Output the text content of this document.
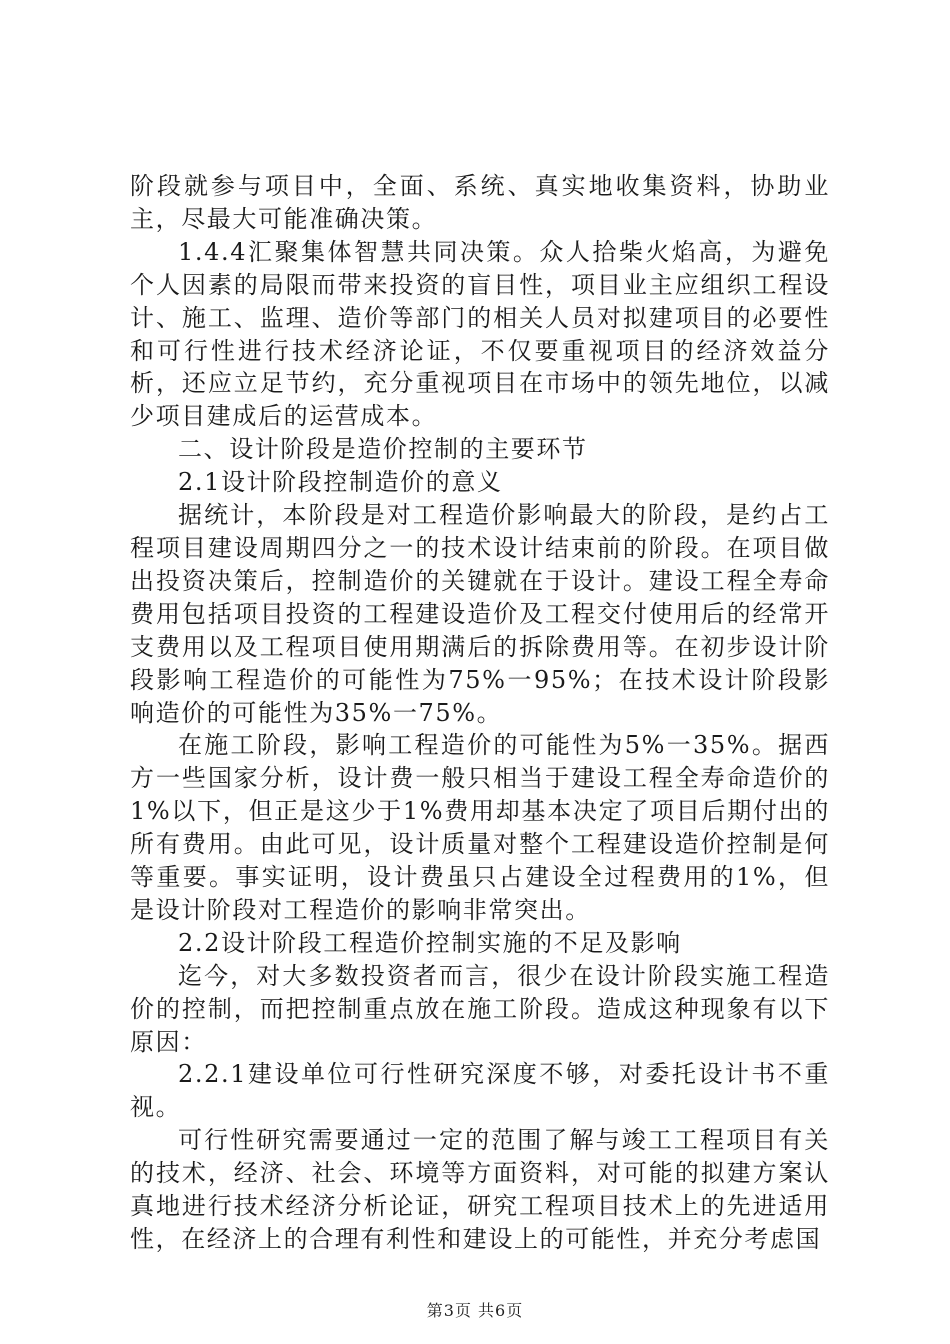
阶段就参与项目中，全面、系统、真实地收集资料，协助业主，尽最大可能准确决策。

1.4.4汇聚集体智慧共同决策。众人拾柴火焰高，为避免个人因素的局限而带来投资的盲目性，项目业主应组织工程设计、施工、监理、造价等部门的相关人员对拟建项目的必要性和可行性进行技术经济论证，不仅要重视项目的经济效益分析，还应立足节约，充分重视项目在市场中的领先地位，以减少项目建成后的运营成本。

二、设计阶段是造价控制的主要环节

2.1设计阶段控制造价的意义

据统计，本阶段是对工程造价影响最大的阶段，是约占工程项目建设周期四分之一的技术设计结束前的阶段。在项目做出投资决策后，控制造价的关键就在于设计。建设工程全寿命费用包括项目投资的工程建设造价及工程交付使用后的经常开支费用以及工程项目使用期满后的拆除费用等。在初步设计阶段影响工程造价的可能性为75%一95%；在技术设计阶段影响造价的可能性为35%一75%。

在施工阶段，影响工程造价的可能性为5%一35%。据西方一些国家分析，设计费一般只相当于建设工程全寿命造价的1%以下，但正是这少于1%费用却基本决定了项目后期付出的所有费用。由此可见，设计质量对整个工程建设造价控制是何等重要。事实证明，设计费虽只占建设全过程费用的1%，但是设计阶段对工程造价的影响非常突出。

2.2设计阶段工程造价控制实施的不足及影响

迄今，对大多数投资者而言，很少在设计阶段实施工程造价的控制，而把控制重点放在施工阶段。造成这种现象有以下原因：

2.2.1建设单位可行性研究深度不够，对委托设计书不重视。

可行性研究需要通过一定的范围了解与竣工工程项目有关的技术，经济、社会、环境等方面资料，对可能的拟建方案认真地进行技术经济分析论证，研究工程项目技术上的先进适用性，在经济上的合理有利性和建设上的可能性，并充分考虑国

第3页 共6页
